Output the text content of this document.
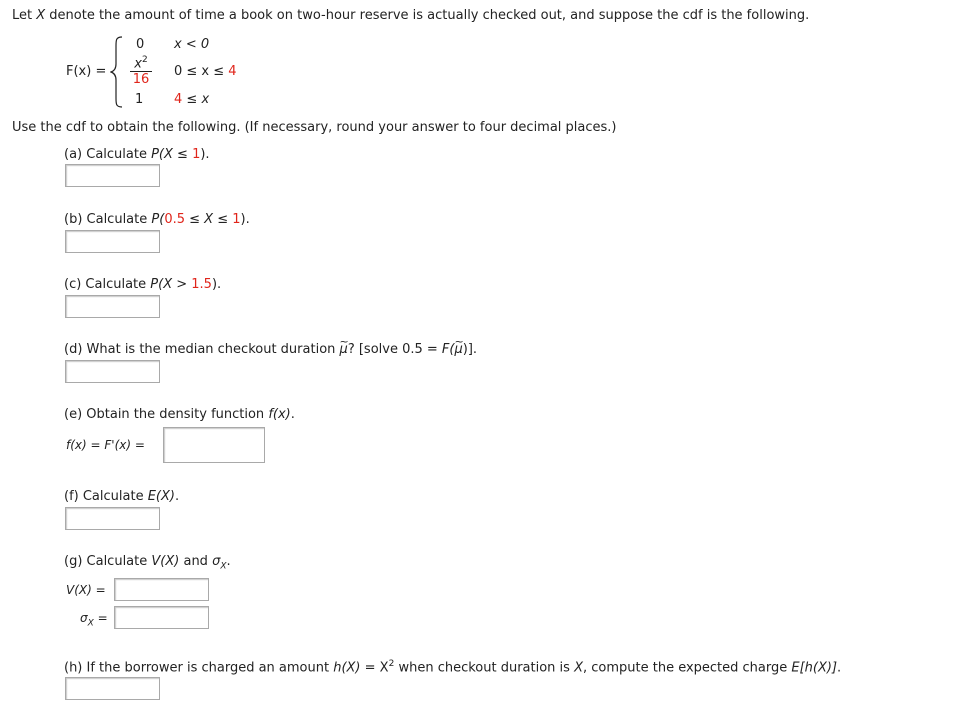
Let X denote the amount of time a book on two-hour reserve is actually checked out, and suppose the cdf is the following.
F(x) =
0 x < 0
$x^2$
16
0 ≤ x ≤ 4
1 4 ≤ x
Use the cdf to obtain the following. (If necessary, round your answer to four decimal places.)
(a) Calculate P(X ≤ 1).
(b) Calculate P(0.5 ≤ X ≤ 1).
(c) Calculate P(X > 1.5).
(d) What is the median checkout duration ~ μ? [solve 0.5 = F(~ μ)].
(e) Obtain the density function f(x).
f(x) = F'(x) =
(f) Calculate E(X).
(g) Calculate V(X) and $\sigma_X$.
V(X) =
$\sigma_X$ =
(h) If the borrower is charged an amount $h(X) = X^2$ when checkout duration is X, compute the expected charge E[h(X)].
